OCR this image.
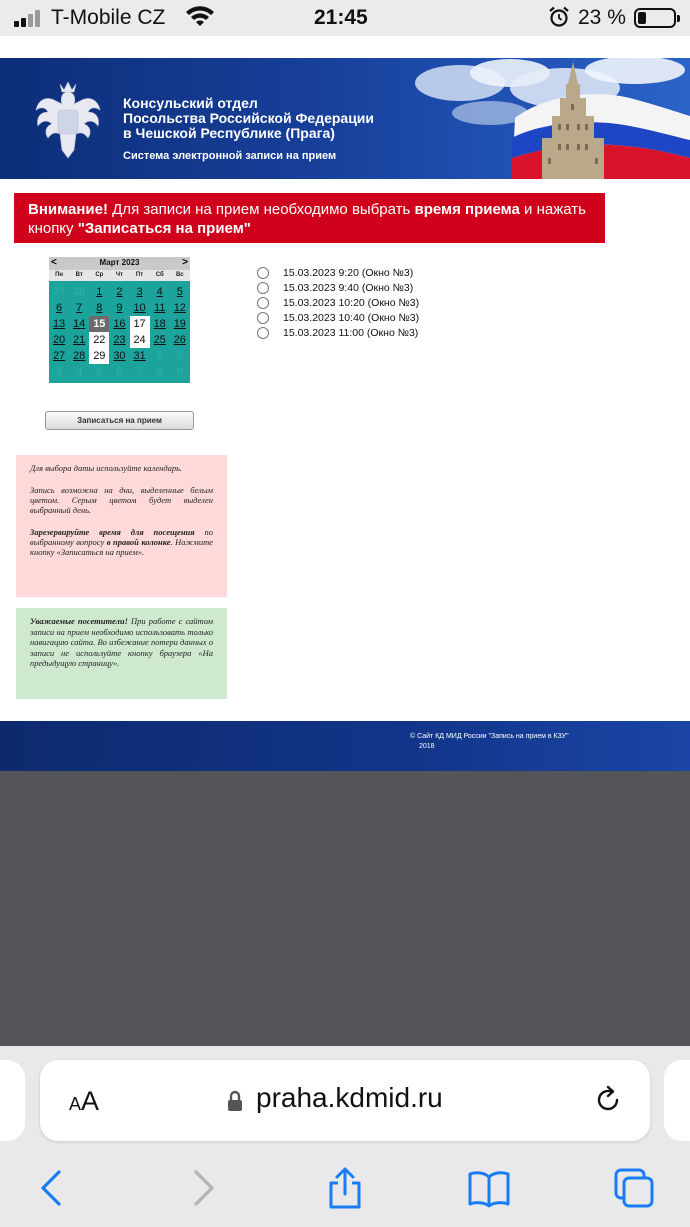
T-Mobile CZ	21:45	23 %
Консульский отдел
Посольства Российской Федерации
в Чешской Республике (Прага)
Система электронной записи на прием
Внимание! Для записи на прием необходимо выбрать время приема и нажать кнопку "Записаться на прием"
<	Март 2023	>
Пн	Вт	Ср	Чт	Пт	Сб	Вс
27 28 1	2	3	4	5
6	7	8	9 10 11 12
13 14 15 16 17 18 19
20 21 22 23 24 25 26
27 28 29 30 31 1	2
3	4	5	6	7	8	9
Записаться на прием

Для выбора даты используйте календарь.

Запись возможна на дни, выделенные белым цветом. Серым цветом будет выделен выбранный день.

Зарезервируйте время для посещения по выбранному вопросу в правой колонке. Нажмите кнопку «Записаться на прием».

Уважаемые посетители! При работе с сайтом записи на прием необходимо использовать только навигацию сайта. Во избежание потери данных о записи не используйте кнопку браузера «На предыдущую страницу».
15.03.2023 9:20 (Окно №3)
15.03.2023 9:40 (Окно №3)
15.03.2023 10:20 (Окно №3)
15.03.2023 10:40 (Окно №3)
15.03.2023 11:00 (Окно №3)
© Сайт КД МИД России "Запись на прием в КЗУ"
2018
AA	praha.kdmid.ru
